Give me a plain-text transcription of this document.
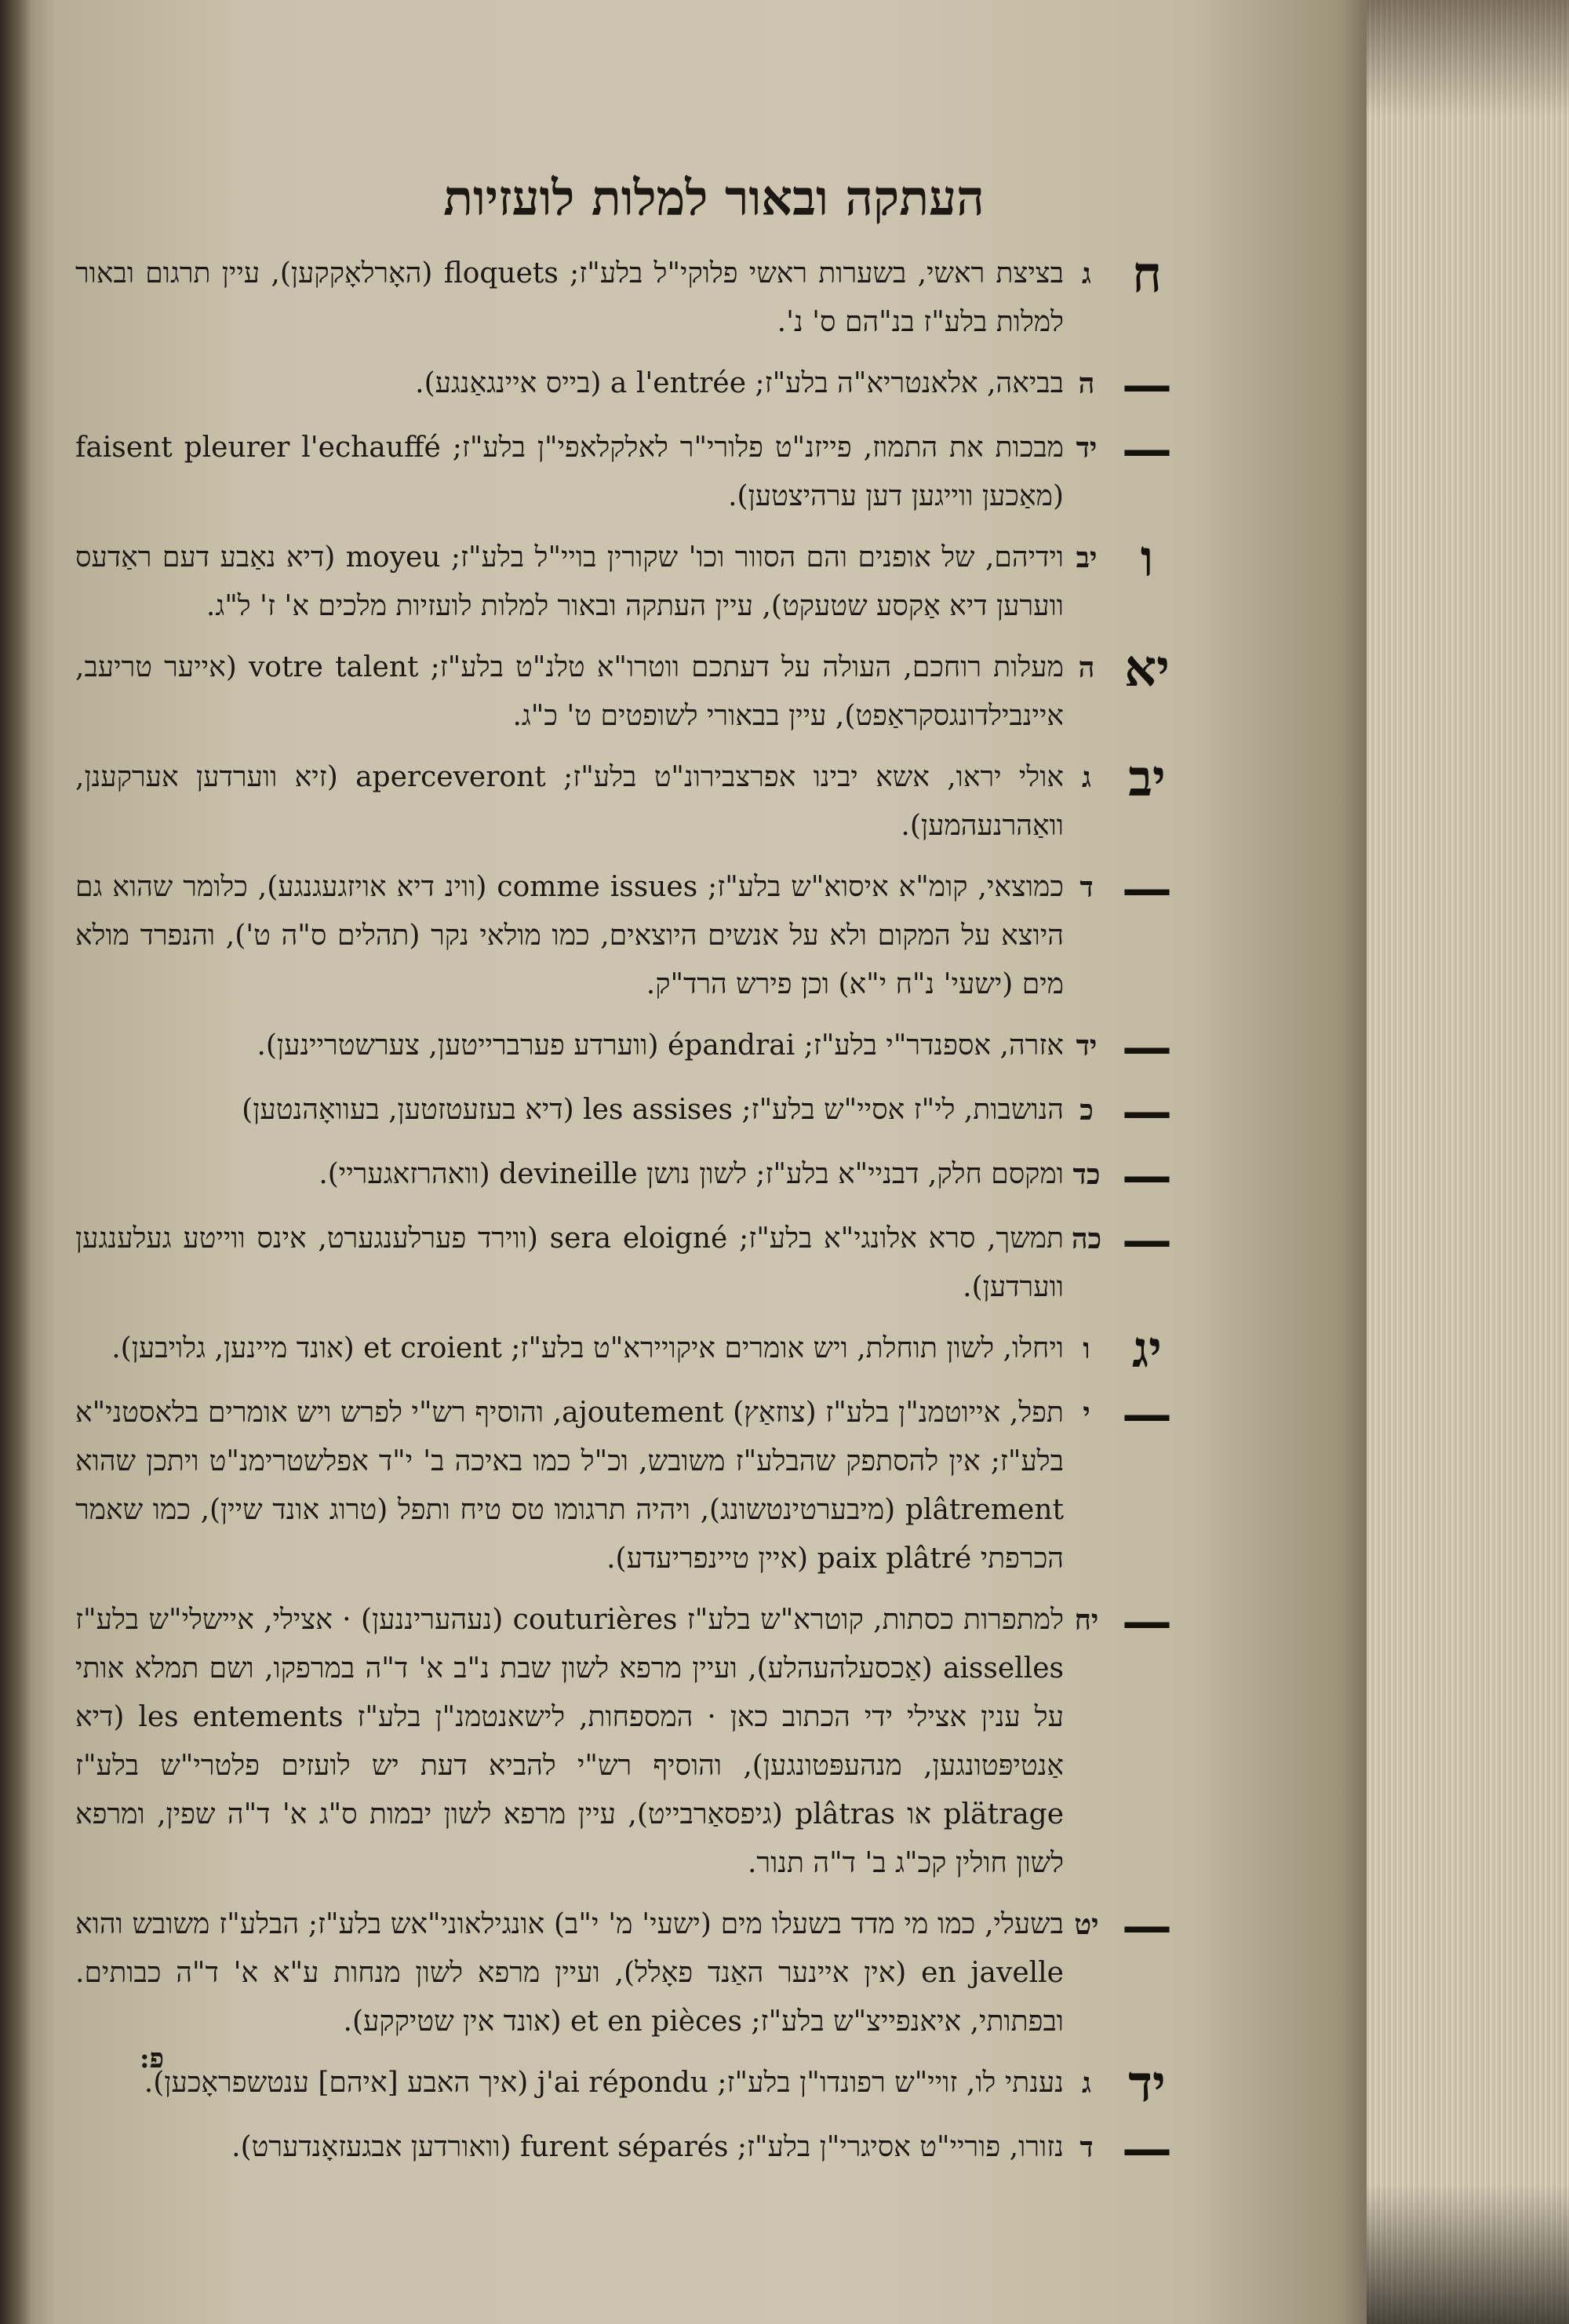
העתקה ובאור למלות לועזיות
ח
ג
בציצת ראשי, בשערות ראשי פלוקי"ל בלע"ז; floquets (האָרלאָקקען), עיין תרגום ובאור למלות בלע"ז בנ"הם ס' נ'.
—
ה
בביאה, אלאנטריא"ה בלע"ז; a l'entrée (בייס איינגאַנגע).
—
יד
מבכות את התמוז, פייזנ"ט פלורי"ר לאלקלאפי"ן בלע"ז; faisent pleurer l'echauffé (מאַכען ווייגען דען ערהיצטען).
ו
יב
וידיהם, של אופנים והם הסוור וכו' שקורין בויי"ל בלע"ז; moyeu (דיא נאַבע דעם ראַדעס ווערען דיא אַקסע שטעקט), עיין העתקה ובאור למלות לועזיות מלכים א' ז' ל"ג.
יא
ה
מעלות רוחכם, העולה על דעתכם ווטרו"א טלנ"ט בלע"ז; votre talent (אייער טריעב, איינבילדונגסקראַפט), עיין בבאורי לשופטים ט' כ"ג.
יב
ג
אולי יראו, אשא יבינו אפרצבירונ"ט בלע"ז; aperceveront (זיא ווערדען אערקענן, וואַהרנעהמען).
—
ד
כמוצאי, קומ"א איסוא"ש בלע"ז; comme issues (ווינ דיא אויזגעגנגע), כלומר שהוא גם היוצא על המקום ולא על אנשים היוצאים, כמו מולאי נקר (תהלים ס"ה ט'), והנפרד מולא מים (ישעי' נ"ח י"א) וכן פירש הרד"ק.
—
יד
אזרה, אספנדר"י בלע"ז; épandrai (ווערדע פערברייטען, צערשטריינען).
—
כ
הנושבות, לי"ז אסיי"ש בלע"ז; les assises (דיא בעזעטזטען, בעוואָהנטען)
—
כד
ומקסם חלק, דבניי"א בלע"ז; לשון נושן devineille (וואהרזאגעריי).
—
כה
תמשך, סרא אלונגי"א בלע"ז; sera eloigné (ווירד פערלענגערט, אינס ווייטע געלענגען ווערדען).
יג
ו
ויחלו, לשון תוחלת, ויש אומרים איקויירא"ט בלע"ז; et croient (אונד מיינען, גלויבען).
—
י
תפל, אייוטמנ"ן בלע"ז (צוזאַץ) ajoutement, והוסיף רש"י לפרש ויש אומרים בלאסטני"א בלע"ז; אין להסתפק שהבלע"ז משובש, וכ"ל כמו באיכה ב' י"ד אפלשטרימנ"ט ויתכן שהוא plâtrement (מיבערטינטשונג), ויהיה תרגומו טס טיח ותפל (טרוג אונד שיין), כמו שאמר הכרפתי paix plâtré (איין טיינפריעדע).
—
יח
למתפרות כסתות, קוטרא"ש בלע"ז couturières (נעהעריננען) · אצילי, איישלי"ש בלע"ז aisselles (אַכסעלהעהלע), ועיין מרפא לשון שבת נ"ב א' ד"ה במרפקו, ושם תמלא אותי על ענין אצילי ידי הכתוב כאן · המספחות, לישאנטמנ"ן בלע"ז les entements (דיא אַנטיפּטונגען, מנהעפּטונגען), והוסיף רש"י להביא דעת יש לועזים פלטרי"ש בלע"ז plätrage או plâtras (גיפסאַרבייט), עיין מרפא לשון יבמות ס"ג א' ד"ה שפין, ומרפא לשון חולין קכ"ג ב' ד"ה תנור.
—
יט
בשעלי, כמו מי מדד בשעלו מים (ישעי' מ' י"ב) אונגילאוני"אש בלע"ז; הבלע"ז משובש והוא en javelle (אין איינער האַנד פאָלל), ועיין מרפא לשון מנחות ע"א א' ד"ה כבותים. ובפתותי, איאנפייצ"ש בלע"ז; et en pièces (אונד אין שטיקקע).
יד
ג
נענתי לו, זויי"ש רפונדו"ן בלע"ז; j'ai répondu (איך האבע [איהם] ענטשפראָכען).
—
ד
נזורו, פוריי"ט אסיגרי"ן בלע"ז; furent séparés (וואורדען אבגעזאָנדערט).
פ:
